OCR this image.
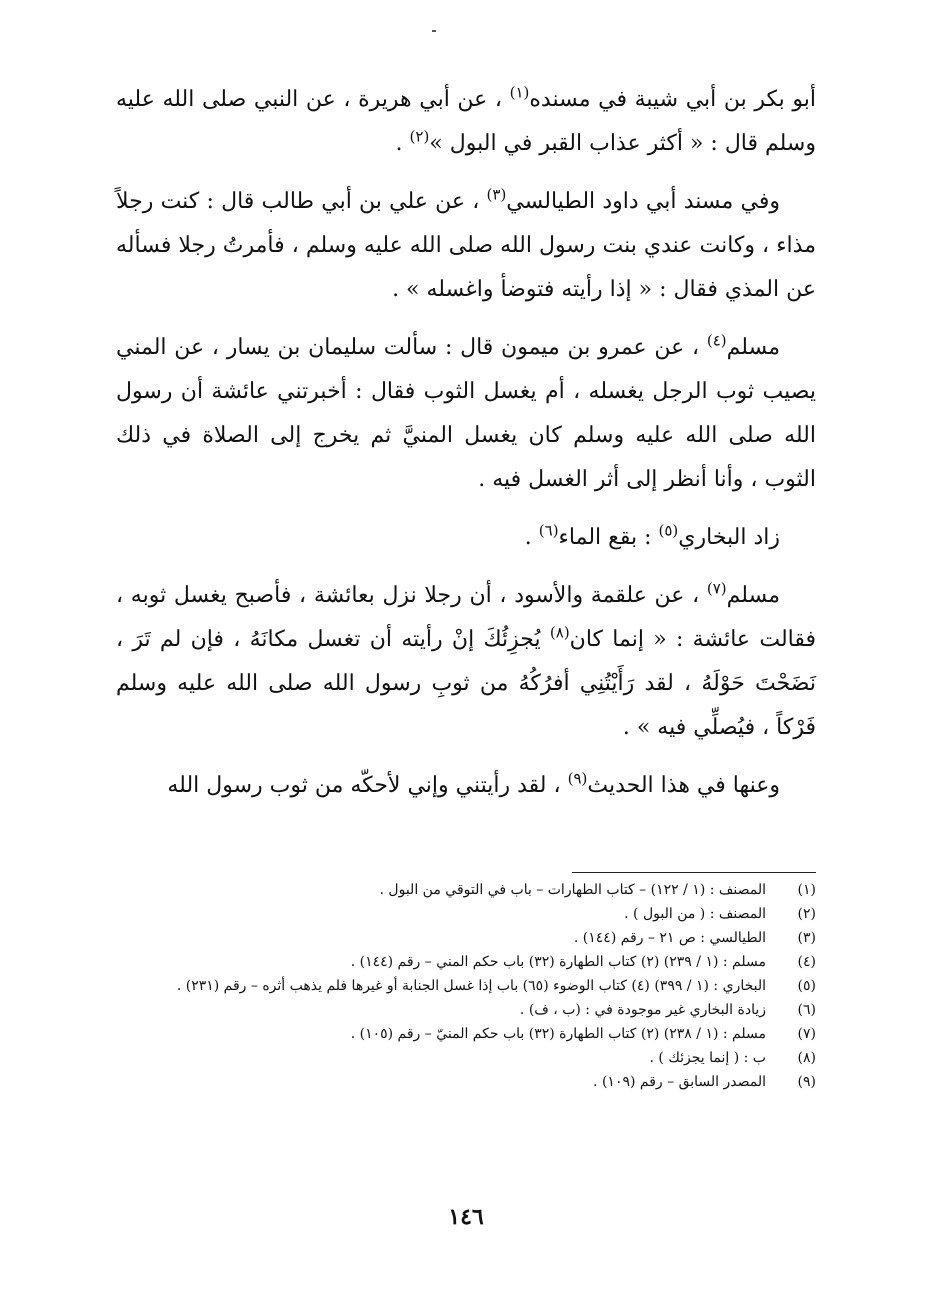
أبو بكر بن أبي شيبة في مسنده$^{(١)}$ ، عن أبي هريرة ، عن النبي صلى الله عليه وسلم قال : « أكثر عذاب القبر في البول »$^{(٢)}$ .

وفي مسند أبي داود الطيالسي$^{(٣)}$ ، عن علي بن أبي طالب قال : كنت رجلاً مذاء ، وكانت عندي بنت رسول الله صلى الله عليه وسلم ، فأمرتُ رجلا فسأله عن المذي فقال : « إذا رأيته فتوضأ واغسله » .

مسلم$^{(٤)}$ ، عن عمرو بن ميمون قال : سألت سليمان بن يسار ، عن المني يصيب ثوب الرجل يغسله ، أم يغسل الثوب فقال : أخبرتني عائشة أن رسول الله صلى الله عليه وسلم كان يغسل المنيَّ ثم يخرج إلى الصلاة في ذلك الثوب ، وأنا أنظر إلى أثر الغسل فيه .

زاد البخاري$^{(٥)}$ : بقع الماء$^{(٦)}$ .

مسلم$^{(٧)}$ ، عن علقمة والأسود ، أن رجلا نزل بعائشة ، فأصبح يغسل ثوبه ، فقالت عائشة : « إنما كان$^{(٨)}$ يُجزِئُكَ إنْ رأيته أن تغسل مكانَهُ ، فإن لم تَرَ ، نَضَحْتَ حَوْلَهُ ، لقد رَأَيْتُنِي أفرُكُهُ من ثوبِ رسول الله صلى الله عليه وسلم فَرْكاً ، فيُصلِّي فيه » .

وعنها في هذا الحديث$^{(٩)}$ ، لقد رأيتني وإني لأحكّه من ثوب رسول الله

(١)
المصنف : (١ / ١٢٢) – كتاب الطهارات – باب في التوقي من البول .
(٢)
المصنف : ( من البول ) .
(٣)
الطيالسي : ص ٢١ – رقم (١٤٤) .
(٤)
مسلم : (١ / ٢٣٩) (٢) كتاب الطهارة (٣٢) باب حكم المني – رقم (١٤٤) .
(٥)
البخاري : (١ / ٣٩٩) (٤) كتاب الوضوء (٦٥) باب إذا غسل الجنابة أو غيرها فلم يذهب أثره – رقم (٢٣١) .
(٦)
زيادة البخاري غير موجودة في : (ب ، ف) .
(٧)
مسلم : (١ / ٢٣٨) (٢) كتاب الطهارة (٣٢) باب حكم المنيّ – رقم (١٠٥) .
(٨)
ب : ( إنما يجزئك ) .
(٩)
المصدر السابق – رقم (١٠٩) .
١٤٦
